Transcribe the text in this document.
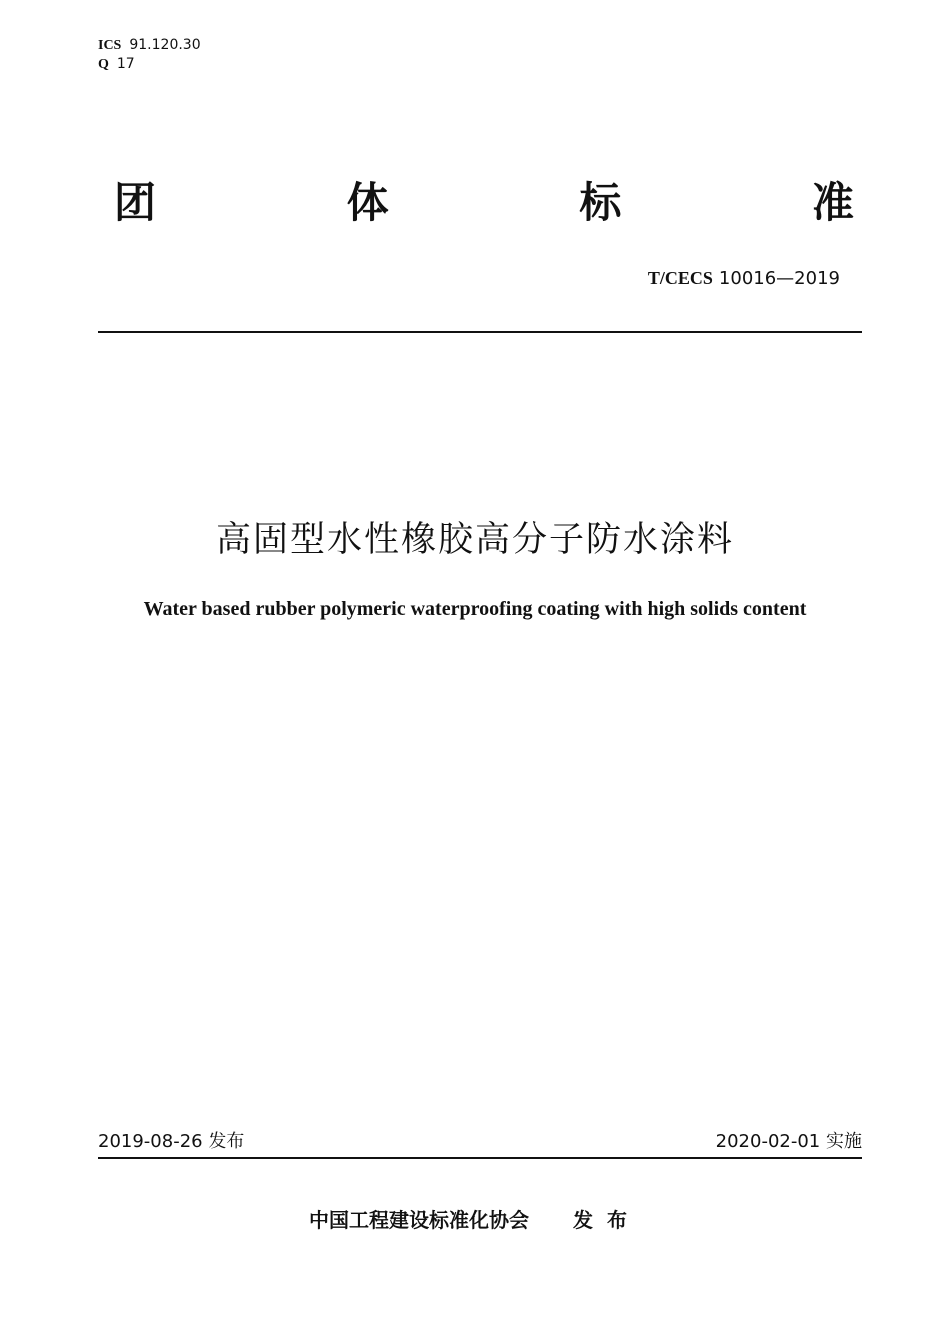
ICS 91.120.30
Q 17
团	体	标	准
T/CECS 10016—2019
高固型水性橡胶高分子防水涂料
Water based rubber polymeric waterproofing coating with high solids content
2019-08-26 发布	2020-02-01 实施
中国工程建设标准化协会 发布
